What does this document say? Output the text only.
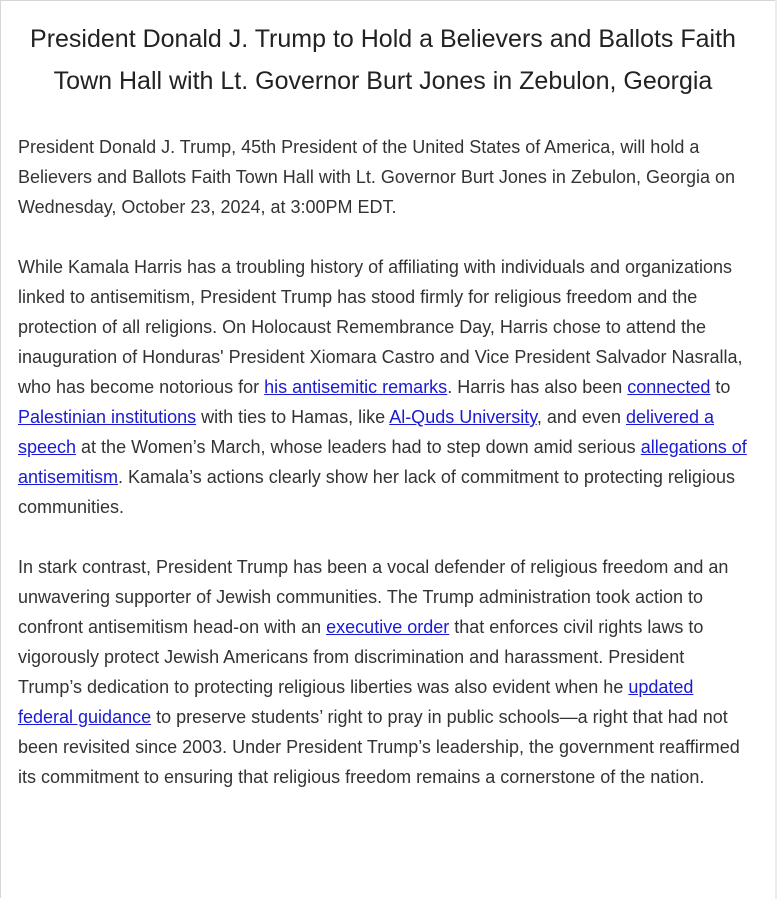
President Donald J. Trump to Hold a Believers and Ballots Faith Town Hall with Lt. Governor Burt Jones in Zebulon, Georgia

President Donald J. Trump, 45th President of the United States of America, will hold a Believers and Ballots Faith Town Hall with Lt. Governor Burt Jones in Zebulon, Georgia on Wednesday, October 23, 2024, at 3:00PM EDT.

While Kamala Harris has a troubling history of affiliating with individuals and organizations linked to antisemitism, President Trump has stood firmly for religious freedom and the protection of all religions. On Holocaust Remembrance Day, Harris chose to attend the inauguration of Honduras' President Xiomara Castro and Vice President Salvador Nasralla, who has become notorious for his antisemitic remarks. Harris has also been connected to Palestinian institutions with ties to Hamas, like Al-Quds University, and even delivered a speech at the Women’s March, whose leaders had to step down amid serious allegations of antisemitism. Kamala’s actions clearly show her lack of commitment to protecting religious communities.

In stark contrast, President Trump has been a vocal defender of religious freedom and an unwavering supporter of Jewish communities. The Trump administration took action to confront antisemitism head-on with an executive order that enforces civil rights laws to vigorously protect Jewish Americans from discrimination and harassment. President Trump’s dedication to protecting religious liberties was also evident when he updated federal guidance to preserve students’ right to pray in public schools—a right that had not been revisited since 2003. Under President Trump’s leadership, the government reaffirmed its commitment to ensuring that religious freedom remains a cornerstone of the nation.
